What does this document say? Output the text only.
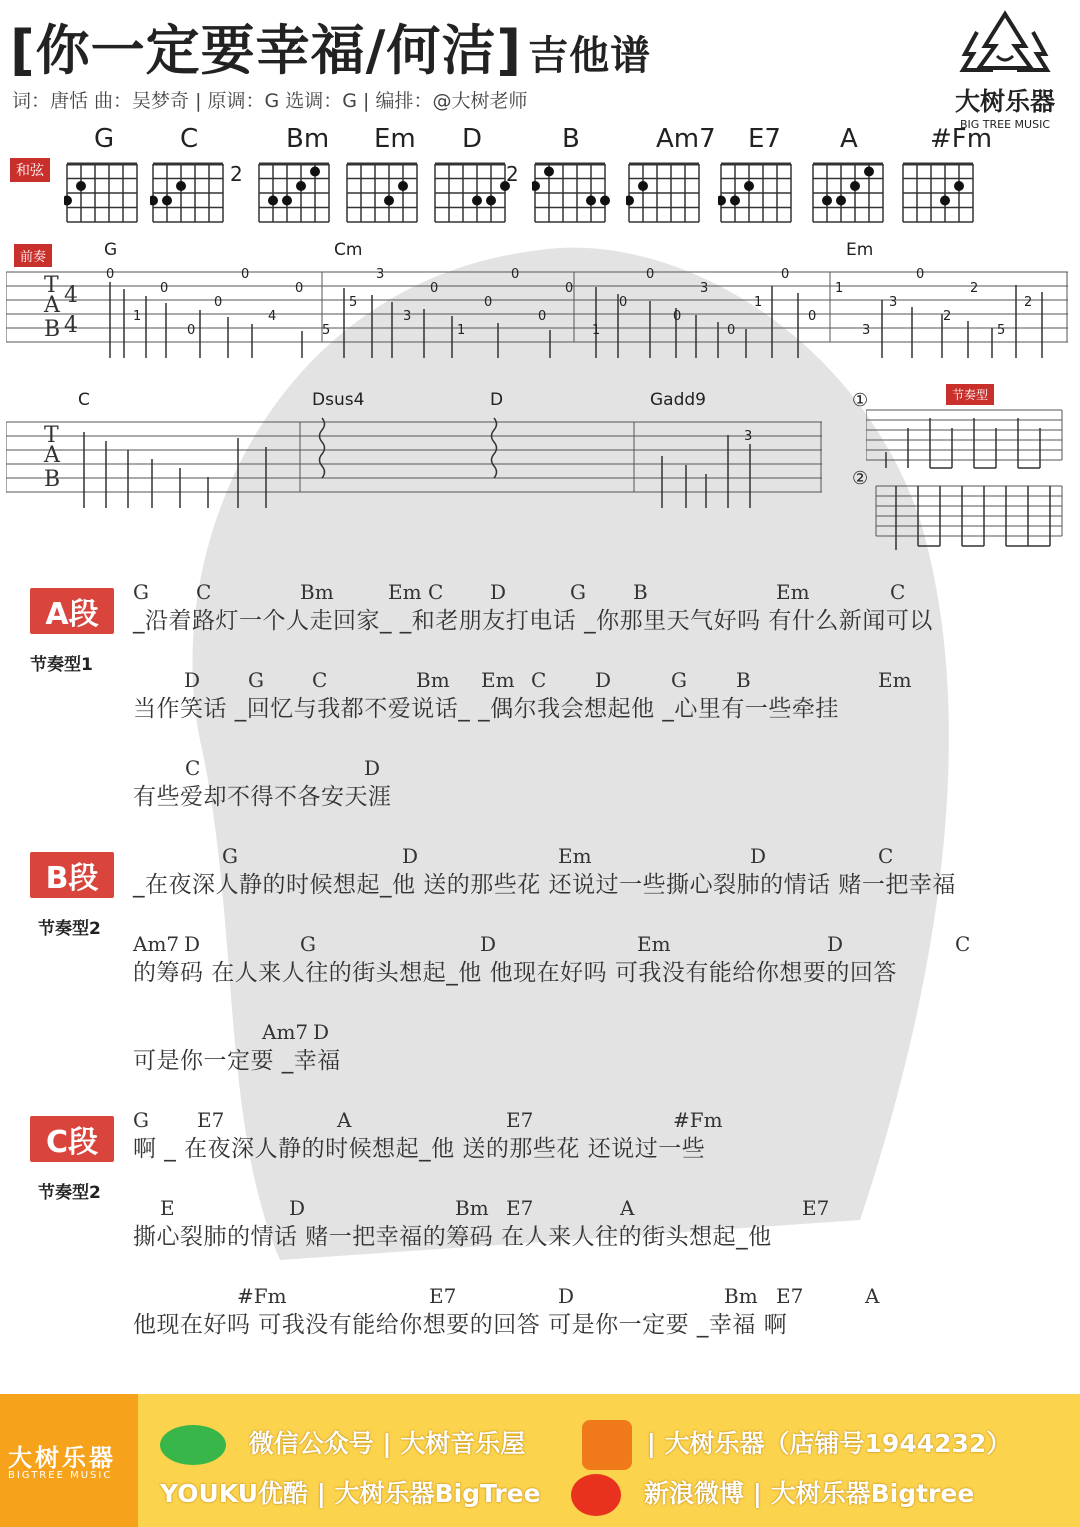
[你一定要幸福/何洁] 吉他谱
词：唐恬 曲：吴梦奇 | 原调：G 选调：G | 编排：@大树老师	大树乐器
BIG TREE MUSIC
和弦
G	C	Bm
2
Em D	B
2
Am7 E7 A	#Fm
前奏
T
A
B
4
4
0
1
0
0
0
0
4
0
5
5
3
3
0
1
0
0
0
0
1
0
0
0
3
0
1
0
0
1
3
3
0
2
2
5
2
G	Cm	Em
T
A
B
3
C	Dsus4	D	Gadd9	节奏型
①
②
A段
节奏型1
G C	Bm	Em C D	G B	Em	C
_沿着路灯一个人走回家_ _和老朋友打电话 _你那里天气好吗 有什么新闻可以
D G C	Bm Em C D	G B	Em
当作笑话 _回忆与我都不爱说话_ _偶尔我会想起他 _心里有一些牵挂
C	D
有些爱却不得不各安天涯
B段
节奏型2
G	D	Em	D	C
_在夜深人静的时候想起_他 送的那些花 还说过一些撕心裂肺的情话 赌一把幸福
Am7 D	G	D	Em	D	C
的筹码 在人来人往的街头想起_他 他现在好吗 可我没有能给你想要的回答
Am7 D
可是你一定要 _幸福
C段
节奏型2
G E7	A	E7	#Fm
啊 _ 在夜深人静的时候想起_他 送的那些花 还说过一些
E	D	Bm E7	A	E7
撕心裂肺的情话 赌一把幸福的筹码 在人来人往的街头想起_他
#Fm	E7	D	Bm E7	A
他现在好吗 可我没有能给你想要的回答 可是你一定要 _幸福 啊
大树乐器
BIGTREE MUSIC
微信公众号 | 大树音乐屋	| 大树乐器（店铺号1944232）
YOUKU优酷 | 大树乐器BigTree	新浪微博 | 大树乐器Bigtree
